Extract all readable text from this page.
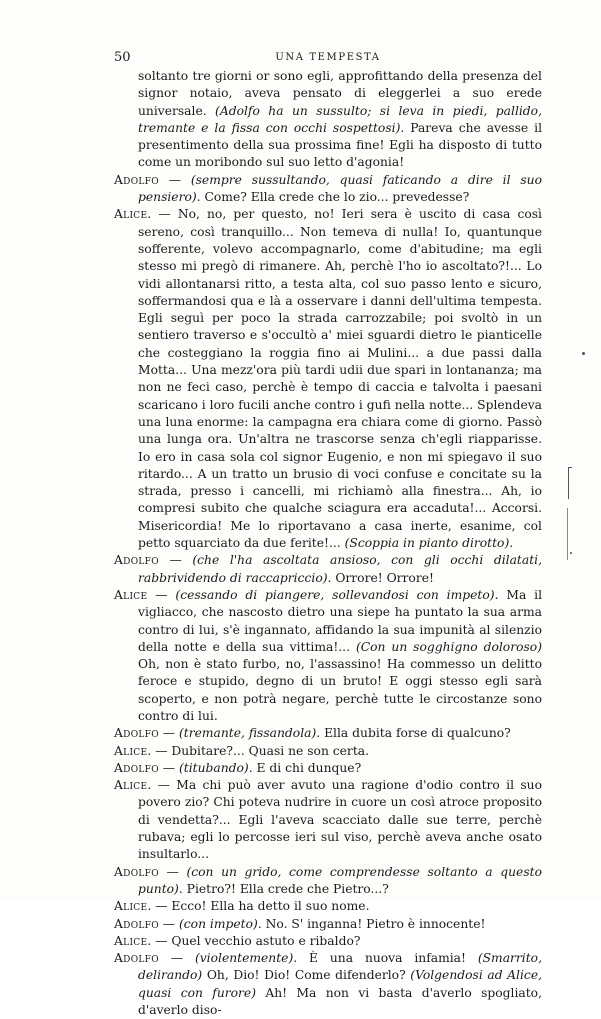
50	UNA TEMPESTA

soltanto tre giorni or sono egli, approfittando della presenza del signor notaio, aveva pensato di eleggerlei a suo erede universale. (Adolfo ha un sussulto; si leva in piedi, pallido, tremante e la fissa con occhi sospettosi). Pareva che avesse il presentimento della sua prossima fine! Egli ha disposto di tutto come un moribondo sul suo letto d'agonia!

Adolfo — (sempre sussultando, quasi faticando a dire il suo pensiero). Come? Ella crede che lo zio... prevedesse?

Alice. — No, no, per questo, no! Ieri sera è uscito di casa così sereno, così tranquillo... Non temeva di nulla! Io, quantunque sofferente, volevo accompagnarlo, come d'abitudine; ma egli stesso mi pregò di rimanere. Ah, perchè l'ho io ascoltato?!... Lo vidi allontanarsi ritto, a testa alta, col suo passo lento e sicuro, soffermandosi qua e là a osservare i danni dell'ultima tempesta. Egli seguì per poco la strada carrozzabile; poi svoltò in un sentiero traverso e s'occultò a' miei sguardi dietro le pianticelle che costeggiano la roggia fino ai Mulini... a due passi dalla Motta... Una mezz'ora più tardi udii due spari in lontananza; ma non ne feci caso, perchè è tempo di caccia e talvolta i paesani scaricano i loro fucili anche contro i gufi nella notte... Splendeva una luna enorme: la campagna era chiara come di giorno. Passò una lunga ora. Un'altra ne trascorse senza ch'egli riapparisse. Io ero in casa sola col signor Eugenio, e non mi spiegavo il suo ritardo... A un tratto un brusio di voci confuse e concitate su la strada, presso i cancelli, mi richiamò alla finestra... Ah, io compresi subito che qualche sciagura era accaduta!... Accorsi. Misericordia! Me lo riportavano a casa inerte, esanime, col petto squarciato da due ferite!... (Scoppia in pianto dirotto).

Adolfo — (che l'ha ascoltata ansioso, con gli occhi dilatati, rabbrividendo di raccapriccio). Orrore! Orrore!

Alice — (cessando di piangere, sollevandosi con impeto). Ma il vigliacco, che nascosto dietro una siepe ha puntato la sua arma contro di lui, s'è ingannato, affidando la sua impunità al silenzio della notte e della sua vittima!... (Con un sogghigno doloroso) Oh, non è stato furbo, no, l'assassino! Ha commesso un delitto feroce e stupido, degno di un bruto! E oggi stesso egli sarà scoperto, e non potrà negare, perchè tutte le circostanze sono contro di lui.

Adolfo — (tremante, fissandola). Ella dubita forse di qualcuno?

Alice. — Dubitare?... Quasi ne son certa.

Adolfo — (titubando). E di chi dunque?

Alice. — Ma chi può aver avuto una ragione d'odio contro il suo povero zio? Chi poteva nudrire in cuore un così atroce proposito di vendetta?... Egli l'aveva scacciato dalle sue terre, perchè rubava; egli lo percosse ieri sul viso, perchè aveva anche osato insultarlo...

Adolfo — (con un grido, come comprendesse soltanto a questo punto). Pietro?! Ella crede che Pietro...?

Alice. — Ecco! Ella ha detto il suo nome.

Adolfo — (con impeto). No. S' inganna! Pietro è innocente!

Alice. — Quel vecchio astuto e ribaldo?

Adolfo — (violentemente). È una nuova infamia! (Smarrito, delirando) Oh, Dio! Dio! Come difenderlo? (Volgendosi ad Alice, quasi con furore) Ah! Ma non vi basta d'averlo spogliato, d'averlo diso-
